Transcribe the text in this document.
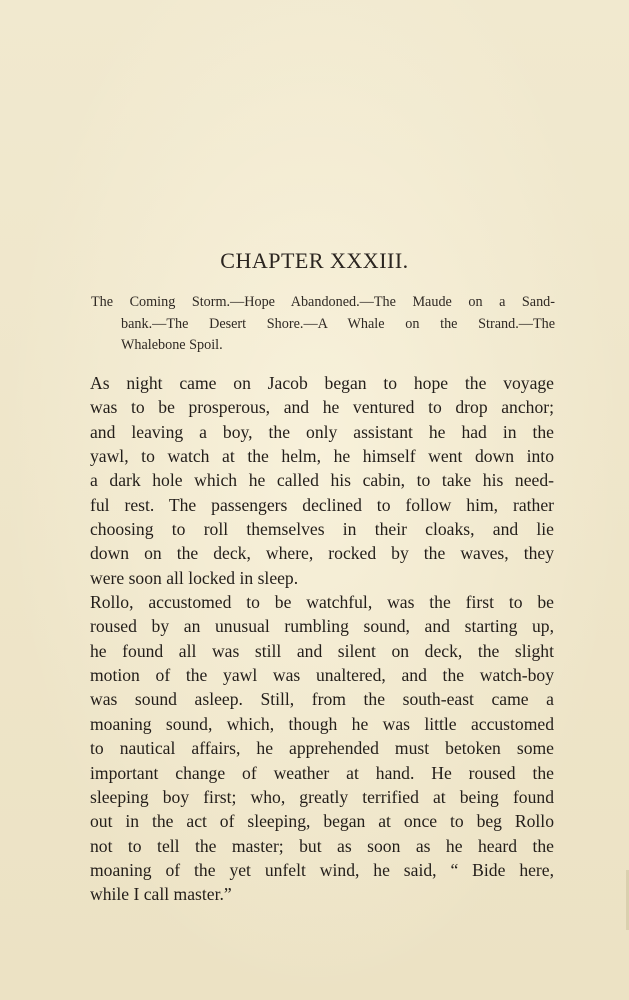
CHAPTER XXXIII.
The Coming Storm.—Hope Abandoned.—The Maude on a Sand-
bank.—The Desert Shore.—A Whale on the Strand.—The
Whalebone Spoil.
As night came on Jacob began to hope the voyage
was to be prosperous, and he ventured to drop anchor;
and leaving a boy, the only assistant he had in the
yawl, to watch at the helm, he himself went down into
a dark hole which he called his cabin, to take his need-
ful rest. The passengers declined to follow him, rather
choosing to roll themselves in their cloaks, and lie
down on the deck, where, rocked by the waves, they
were soon all locked in sleep.
Rollo, accustomed to be watchful, was the first to be
roused by an unusual rumbling sound, and starting up,
he found all was still and silent on deck, the slight
motion of the yawl was unaltered, and the watch-boy
was sound asleep. Still, from the south-east came a
moaning sound, which, though he was little accustomed
to nautical affairs, he apprehended must betoken some
important change of weather at hand. He roused the
sleeping boy first; who, greatly terrified at being found
out in the act of sleeping, began at once to beg Rollo
not to tell the master; but as soon as he heard the
moaning of the yet unfelt wind, he said, “ Bide here,
while I call master.”
